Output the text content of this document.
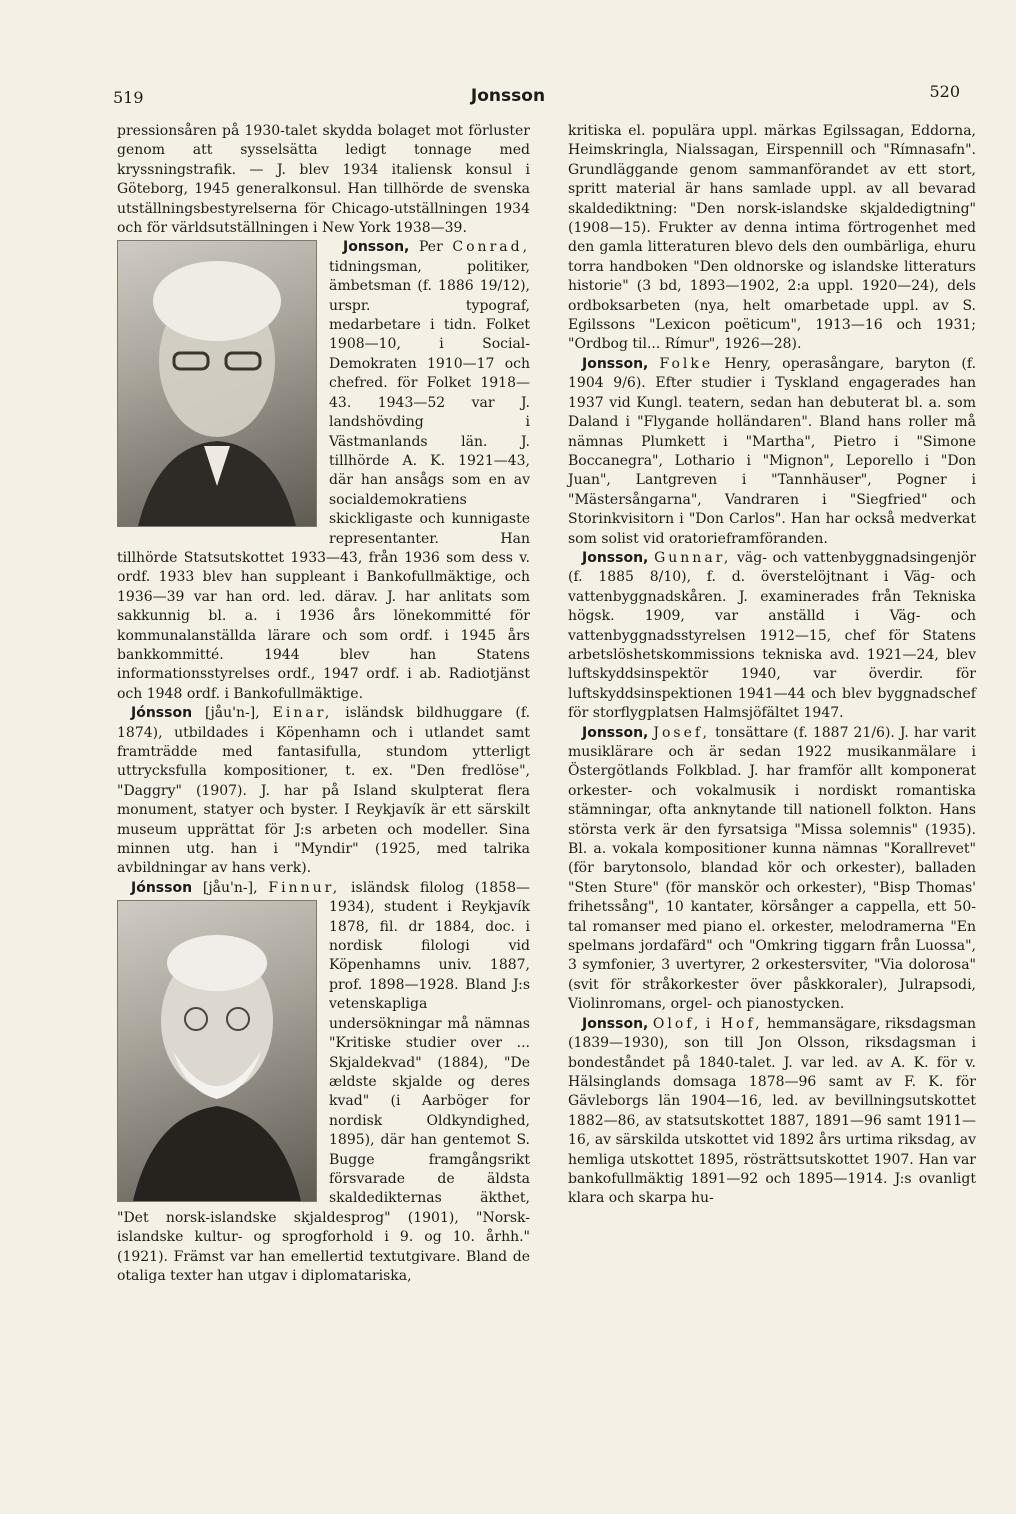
519	Jonsson	520

pressionsåren på 1930-talet skydda bolaget mot förluster genom att sysselsätta ledigt tonnage med kryssningstrafik. — J. blev 1934 italiensk konsul i Göteborg, 1945 generalkonsul. Han tillhörde de svenska utställningsbestyrelserna för Chicago-utställningen 1934 och för världsutställningen i New York 1938—39.

Jonsson, Per Conrad,
tidningsman, politiker, ämbetsman (f. 1886 19/12), urspr. typograf, medarbetare i tidn. Folket 1908—10, i Social-Demokraten 1910—17 och chefred. för Folket 1918—43. 1943—52 var J. landshövding i Västmanlands län. J. tillhörde A. K. 1921—43, där han ansågs som en av socialdemokratiens skickligaste och kunnigaste representanter. Han tillhörde Statsutskottet 1933—43, från 1936 som dess v. ordf. 1933 blev han suppleant i Bankofullmäktige, och 1936—39 var han ord. led. därav. J. har anlitats som sakkunnig bl. a. i 1936 års lönekommitté för kommunalanställda lärare och som ordf. i 1945 års bankkommitté. 1944 blev han Statens informationsstyrelses ordf., 1947 ordf. i ab. Radiotjänst och 1948 ordf. i Bankofullmäktige.

Jónsson [jåu'n-], Einar, isländsk bildhuggare (f. 1874), utbildades i Köpenhamn och i utlandet samt framträdde med fantasifulla, stundom ytterligt uttrycksfulla kompositioner, t. ex. "Den fredlöse", "Daggry" (1907). J. har på Island skulpterat flera monument, statyer och byster. I Reykjavík är ett särskilt museum upprättat för J:s arbeten och modeller. Sina minnen utg. han i "Myndir" (1925, med talrika avbildningar av hans verk).

Jónsson [jåu'n-], Finnur, isländsk filolog (1858—1934), student i Reykjavík 1878, fil. dr 1884, doc. i nordisk filologi vid Köpenhamns univ. 1887, prof. 1898—1928. Bland J:s vetenskapliga undersökningar må nämnas "Kritiske studier over ... Skjaldekvad" (1884), "De ældste skjalde og deres kvad" (i Aarböger for nordisk Oldkyndighed, 1895), där han gentemot S. Bugge framgångsrikt försvarade de äldsta skaldedikternas äkthet, "Det norsk-islandske skjaldesprog" (1901), "Norsk-islandske kultur- og sprogforhold i 9. og 10. århh." (1921). Främst var han emellertid textutgivare. Bland de otaliga texter han utgav i diplomatariska,

kritiska el. populära uppl. märkas Egilssagan, Eddorna, Heimskringla, Nialssagan, Eirspennill och "Rímnasafn". Grundläggande genom sammanförandet av ett stort, spritt material är hans samlade uppl. av all bevarad skaldediktning: "Den norsk-islandske skjaldedigtning" (1908—15). Frukter av denna intima förtrogenhet med den gamla litteraturen blevo dels den oumbärliga, ehuru torra handboken "Den oldnorske og islandske litteraturs historie" (3 bd, 1893—1902, 2:a uppl. 1920—24), dels ordboksarbeten (nya, helt omarbetade uppl. av S. Egilssons "Lexicon poëticum", 1913—16 och 1931; "Ordbog til... Rímur", 1926—28).

Jonsson, Folke Henry, operasångare, baryton (f. 1904 9/6). Efter studier i Tyskland engagerades han 1937 vid Kungl. teatern, sedan han debuterat bl. a. som Daland i "Flygande holländaren". Bland hans roller må nämnas Plumkett i "Martha", Pietro i "Simone Boccanegra", Lothario i "Mignon", Leporello i "Don Juan", Lantgreven i "Tannhäuser", Pogner i "Mästersångarna", Vandraren i "Siegfried" och Storinkvisitorn i "Don Carlos". Han har också medverkat som solist vid oratorieframföranden.

Jonsson, Gunnar, väg- och vattenbyggnadsingenjör (f. 1885 8/10), f. d. överstelöjtnant i Väg- och vattenbyggnadskåren. J. examinerades från Tekniska högsk. 1909, var anställd i Väg- och vattenbyggnadsstyrelsen 1912—15, chef för Statens arbetslöshetskommissions tekniska avd. 1921—24, blev luftskyddsinspektör 1940, var överdir. för luftskyddsinspektionen 1941—44 och blev byggnadschef för storflygplatsen Halmsjöfältet 1947.

Jonsson, Josef, tonsättare (f. 1887 21/6). J. har varit musiklärare och är sedan 1922 musikanmälare i Östergötlands Folkblad. J. har framför allt komponerat orkester- och vokalmusik i nordiskt romantiska stämningar, ofta anknytande till nationell folkton. Hans största verk är den fyrsatsiga "Missa solemnis" (1935). Bl. a. vokala kompositioner kunna nämnas "Korallrevet" (för barytonsolo, blandad kör och orkester), balladen "Sten Sture" (för manskör och orkester), "Bisp Thomas' frihetssång", 10 kantater, körsånger a cappella, ett 50-tal romanser med piano el. orkester, melodramerna "En spelmans jordafärd" och "Omkring tiggarn från Luossa", 3 symfonier, 3 uvertyrer, 2 orkestersviter, "Via dolorosa" (svit för stråkorkester över påskkoraler), Julrapsodi, Violinromans, orgel- och pianostycken.

Jonsson, Olof, i Hof, hemmansägare, riksdagsman (1839—1930), son till Jon Olsson, riksdagsman i bondeståndet på 1840-talet. J. var led. av A. K. för v. Hälsinglands domsaga 1878—96 samt av F. K. för Gävleborgs län 1904—16, led. av bevillningsutskottet 1882—86, av statsutskottet 1887, 1891—96 samt 1911—16, av särskilda utskottet vid 1892 års urtima riksdag, av hemliga utskottet 1895, rösträttsutskottet 1907. Han var bankofullmäktig 1891—92 och 1895—1914. J:s ovanligt klara och skarpa hu-
